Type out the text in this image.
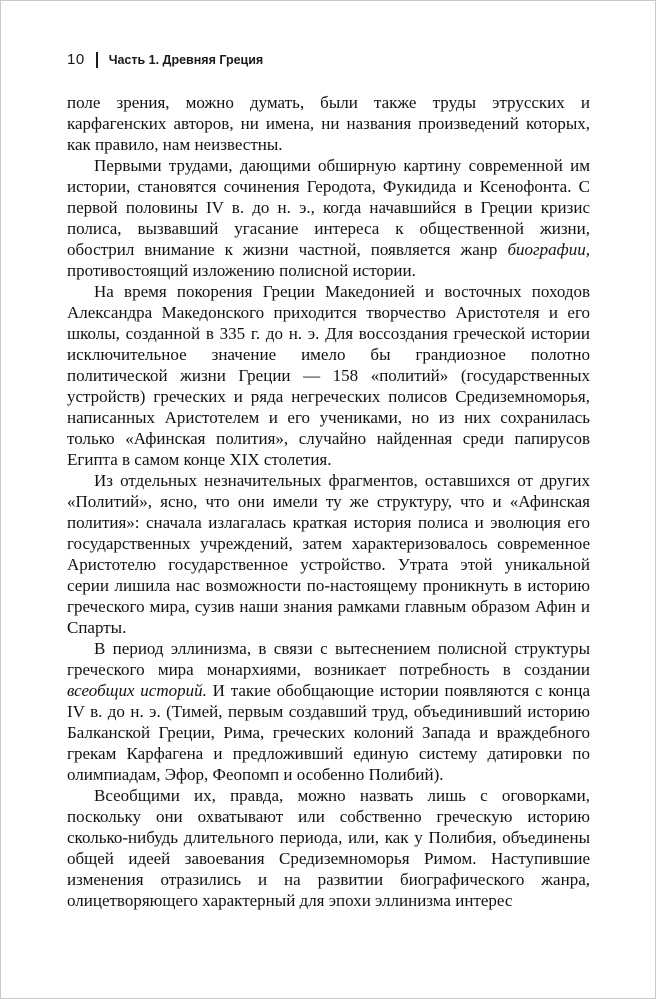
10 Часть 1. Древняя Греция

поле зрения, можно думать, были также труды этрусских и карфагенских авторов, ни имена, ни названия произведений которых, как правило, нам неизвестны.

Первыми трудами, дающими обширную картину современной им истории, становятся сочинения Геродота, Фукидида и Ксенофонта. С первой половины IV в. до н. э., когда начавшийся в Греции кризис полиса, вызвавший угасание интереса к общественной жизни, обострил внимание к жизни частной, появляется жанр биографии, противостоящий изложению полисной истории.

На время покорения Греции Македонией и восточных походов Александра Македонского приходится творчество Аристотеля и его школы, созданной в 335 г. до н. э. Для воссоздания греческой истории исключительное значение имело бы грандиозное полотно политической жизни Греции — 158 «политий» (государственных устройств) греческих и ряда негреческих полисов Средиземноморья, написанных Аристотелем и его учениками, но из них сохранилась только «Афинская полития», случайно найденная среди папирусов Египта в самом конце XIX столетия.

Из отдельных незначительных фрагментов, оставшихся от других «Политий», ясно, что они имели ту же структуру, что и «Афинская полития»: сначала излагалась краткая история полиса и эволюция его государственных учреждений, затем характеризовалось современное Аристотелю государственное устройство. Утрата этой уникальной серии лишила нас возможности по-настоящему проникнуть в историю греческого мира, сузив наши знания рамками главным образом Афин и Спарты.

В период эллинизма, в связи с вытеснением полисной структуры греческого мира монархиями, возникает потребность в создании всеобщих историй. И такие обобщающие истории появляются с конца IV в. до н. э. (Тимей, первым создавший труд, объединивший историю Балканской Греции, Рима, греческих колоний Запада и враждебного грекам Карфагена и предложивший единую систему датировки по олимпиадам, Эфор, Феопомп и особенно Полибий).

Всеобщими их, правда, можно назвать лишь с оговорками, поскольку они охватывают или собственно греческую историю сколько-нибудь длительного периода, или, как у Полибия, объединены общей идеей завоевания Средиземноморья Римом. Наступившие изменения отразились и на развитии биографического жанра, олицетворяющего характерный для эпохи эллинизма интерес
